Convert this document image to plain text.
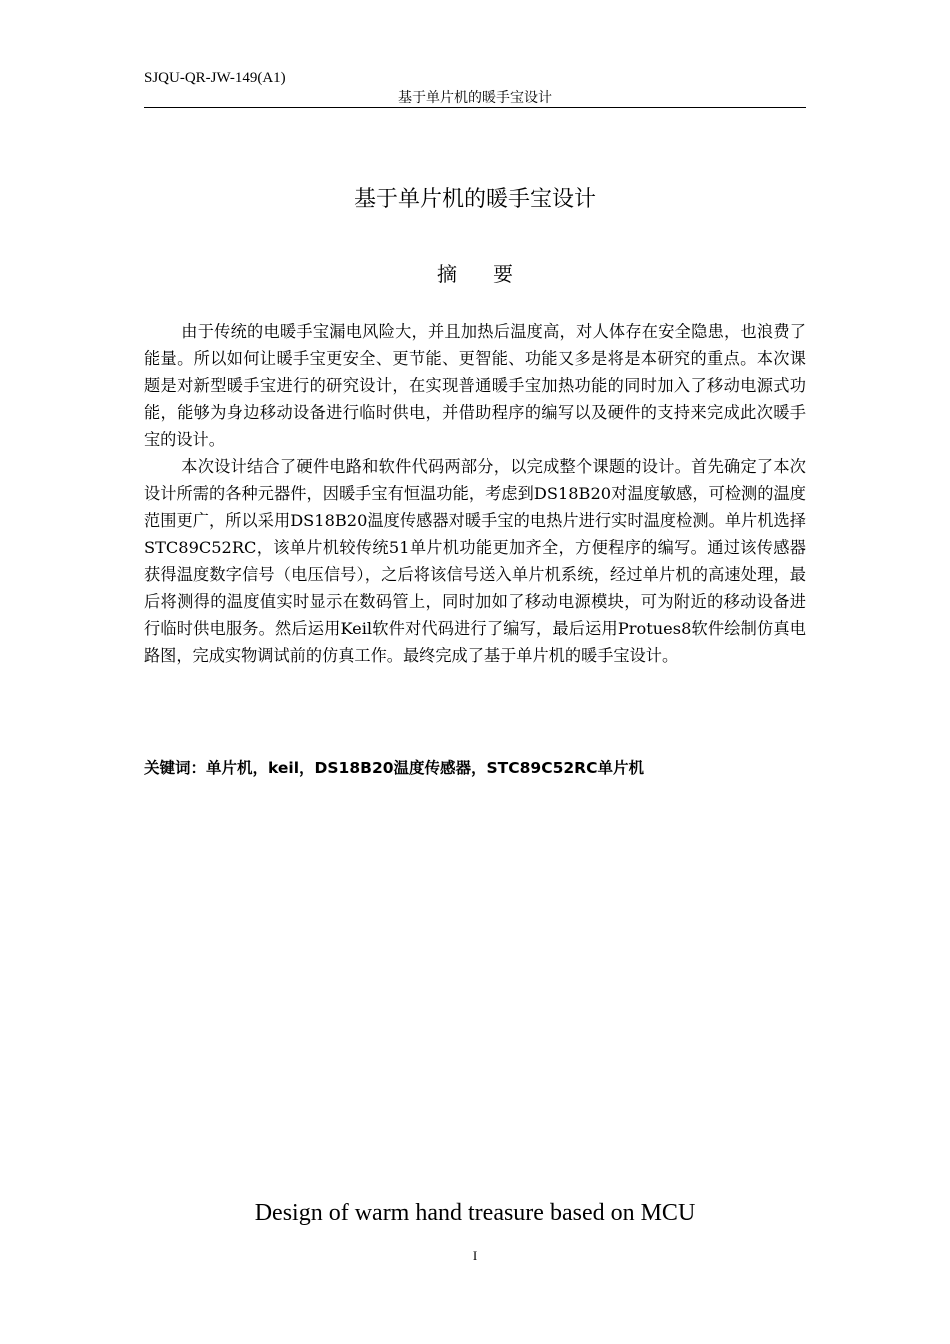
SJQU-QR-JW-149(A1)
基于单片机的暖手宝设计
基于单片机的暖手宝设计
摘 要

由于传统的电暖手宝漏电风险大，并且加热后温度高，对人体存在安全隐患，也浪费了能量。所以如何让暖手宝更安全、更节能、更智能、功能又多是将是本研究的重点。本次课题是对新型暖手宝进行的研究设计，在实现普通暖手宝加热功能的同时加入了移动电源式功能，能够为身边移动设备进行临时供电，并借助程序的编写以及硬件的支持来完成此次暖手宝的设计。

本次设计结合了硬件电路和软件代码两部分，以完成整个课题的设计。首先确定了本次设计所需的各种元器件，因暖手宝有恒温功能，考虑到DS18B20对温度敏感，可检测的温度范围更广，所以采用DS18B20温度传感器对暖手宝的电热片进行实时温度检测。单片机选择STC89C52RC，该单片机较传统51单片机功能更加齐全，方便程序的编写。通过该传感器获得温度数字信号（电压信号），之后将该信号送入单片机系统，经过单片机的高速处理，最后将测得的温度值实时显示在数码管上，同时加如了移动电源模块，可为附近的移动设备进行临时供电服务。然后运用Keil软件对代码进行了编写，最后运用Protues8软件绘制仿真电路图，完成实物调试前的仿真工作。最终完成了基于单片机的暖手宝设计。

关键词：单片机，keil，DS18B20温度传感器，STC89C52RC单片机
Design of warm hand treasure based on MCU
I
